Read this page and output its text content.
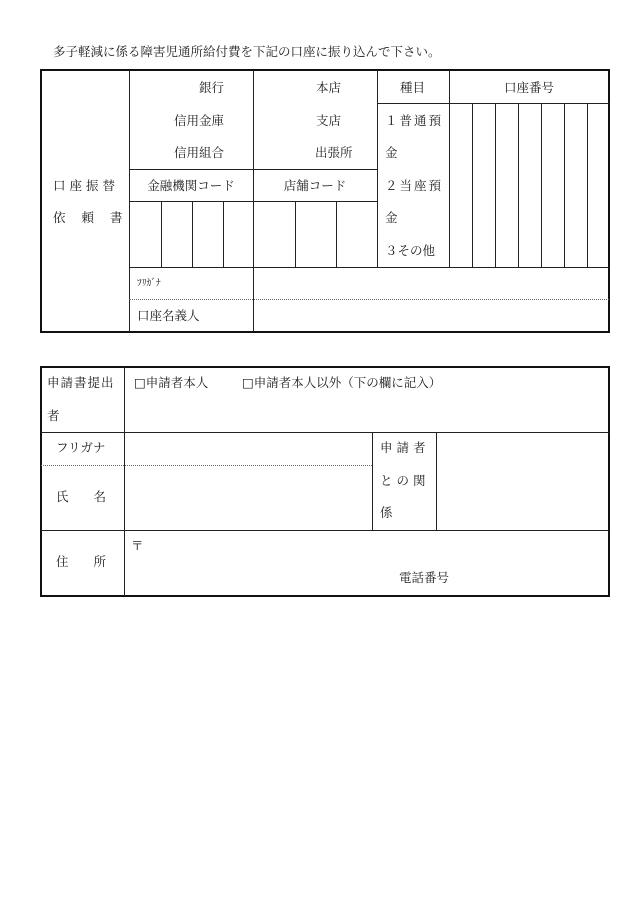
多子軽減に係る障害児通所給付費を下記の口座に振り込んで下さい。
口座振替
依 頼 書
銀行
信用金庫
信用組合
本店
支店
出張所
種目
１普通預
金
２当座預
金
３その他
口座番号
金融機関コード	店舗コード
ﾌﾘｶﾞﾅ
口座名義人
申請書提出
者
□申請者本人	□申請者本人以外（下の欄に記入）
フリガナ
氏　　名
申 請 者
と の 関
係
住　　所
〒
電話番号
